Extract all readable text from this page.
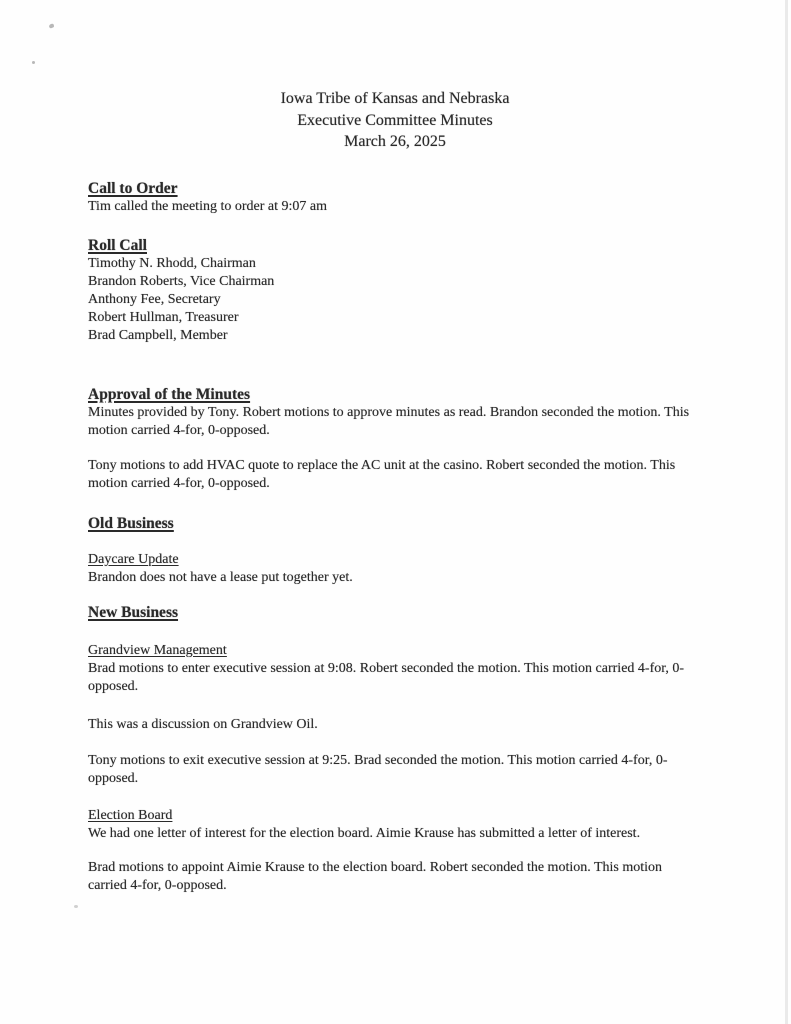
Iowa Tribe of Kansas and Nebraska
Executive Committee Minutes
March 26, 2025
Call to Order

Tim called the meeting to order at 9:07 am

Roll Call
Timothy N. Rhodd, Chairman
Brandon Roberts, Vice Chairman
Anthony Fee, Secretary
Robert Hullman, Treasurer
Brad Campbell, Member
Approval of the Minutes

Minutes provided by Tony. Robert motions to approve minutes as read. Brandon seconded the motion. This motion carried 4-for, 0-opposed.

Tony motions to add HVAC quote to replace the AC unit at the casino. Robert seconded the motion. This motion carried 4-for, 0-opposed.

Old Business
Daycare Update

Brandon does not have a lease put together yet.

New Business
Grandview Management

Brad motions to enter executive session at 9:08. Robert seconded the motion. This motion carried 4-for, 0-opposed.

This was a discussion on Grandview Oil.

Tony motions to exit executive session at 9:25. Brad seconded the motion. This motion carried 4-for, 0-opposed.

Election Board

We had one letter of interest for the election board. Aimie Krause has submitted a letter of interest.

Brad motions to appoint Aimie Krause to the election board. Robert seconded the motion. This motion carried 4-for, 0-opposed.
